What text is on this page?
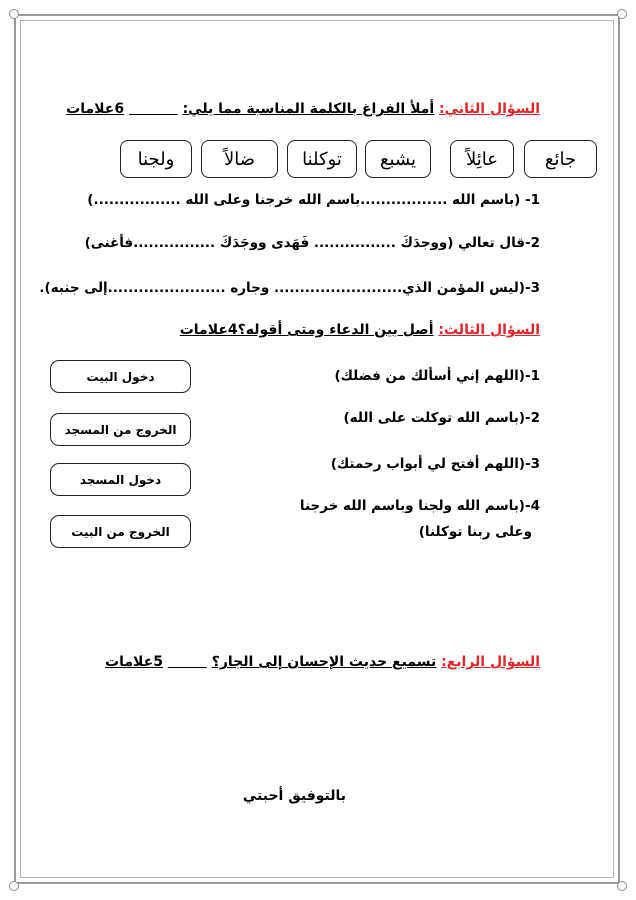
السؤال الثاني: أملأ الفراغ بالكلمة المناسبة مما يلي:            6علامات
جائع
عائِلاً
يشبع
توكلنا
ضالاً
ولجنا
1- (باسم الله .................باسم الله خرجنا وعلى الله .................)
2-قال تعالي (ووجدَكَ ................ فَهَدى ووجَدَكَ ................فأغنى)
3-(ليس المؤمن الذي......................... وجاره .......................إلى جنبه).
السؤال الثالث: أصل بين الدعاء ومتى أقوله؟4علامات
1-(اللهم إني أسألك من فضلك)
2-(باسم الله توكلت على الله)
3-(اللهم أفتح لي أبواب رحمتك)
4-(باسم الله ولجنا وباسم الله خرجنا
وعلى ربنا توكلنا)
دخول البيت
الخروج من المسجد
دخول المسجد
الخروج من البيت
السؤال الرابع: تسميع حديث الإحسان إلى الجار؟          5علامات
بالتوفيق أحبتي
